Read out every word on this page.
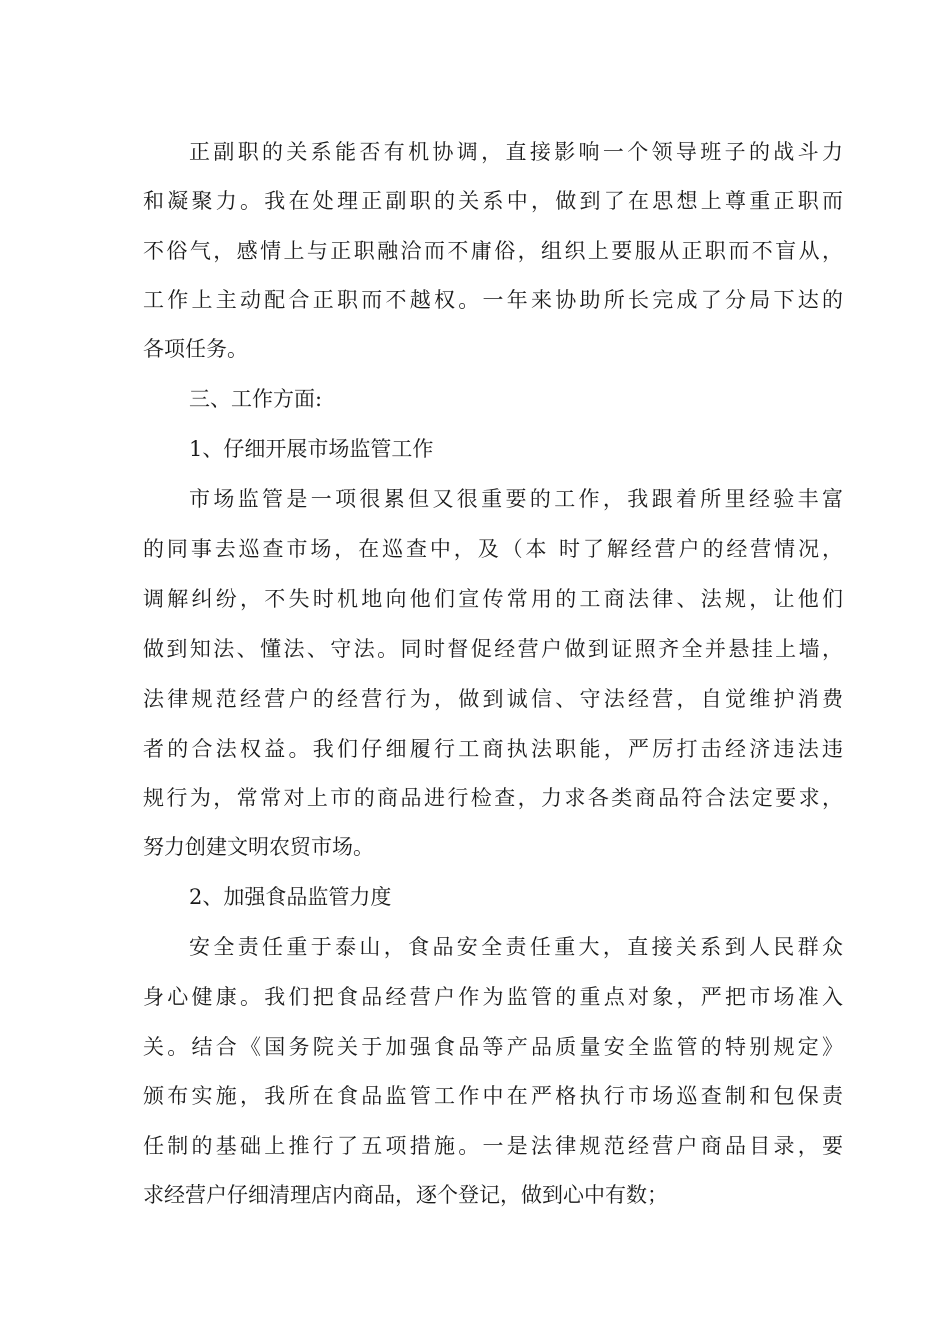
正副职的关系能否有机协调，直接影响一个领导班子的战斗力
和凝聚力。我在处理正副职的关系中，做到了在思想上尊重正职而
不俗气，感情上与正职融洽而不庸俗，组织上要服从正职而不盲从，
工作上主动配合正职而不越权。一年来协助所长完成了分局下达的
各项任务。
三、工作方面:
1、仔细开展市场监管工作
市场监管是一项很累但又很重要的工作，我跟着所里经验丰富
的同事去巡查市场，在巡查中，及（本 时了解经营户的经营情况，
调解纠纷，不失时机地向他们宣传常用的工商法律、法规，让他们
做到知法、懂法、守法。同时督促经营户做到证照齐全并悬挂上墙，
法律规范经营户的经营行为，做到诚信、守法经营，自觉维护消费
者的合法权益。我们仔细履行工商执法职能，严厉打击经济违法违
规行为，常常对上市的商品进行检查，力求各类商品符合法定要求，
努力创建文明农贸市场。
2、加强食品监管力度
安全责任重于泰山，食品安全责任重大，直接关系到人民群众
身心健康。我们把食品经营户作为监管的重点对象，严把市场准入
关。结合《国务院关于加强食品等产品质量安全监管的特别规定》
颁布实施，我所在食品监管工作中在严格执行市场巡查制和包保责
任制的基础上推行了五项措施。一是法律规范经营户商品目录，要
求经营户仔细清理店内商品，逐个登记，做到心中有数；
